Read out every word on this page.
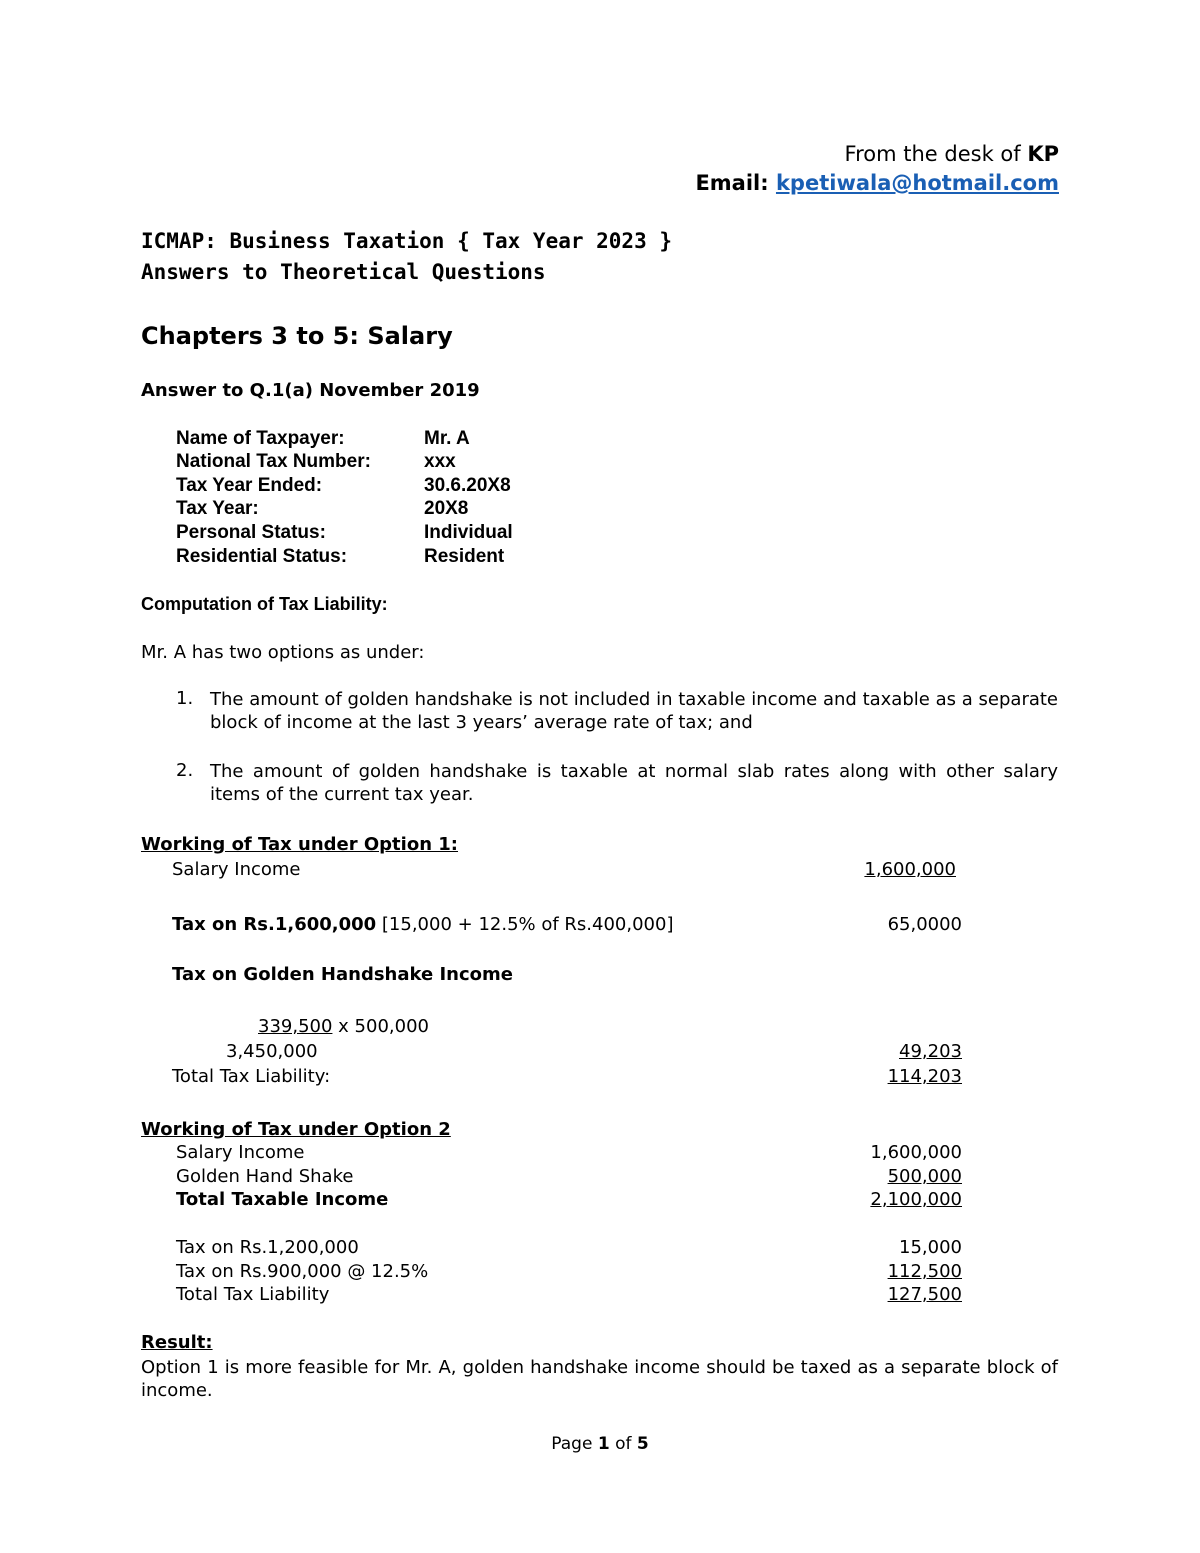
From the desk of KP
Email: kpetiwala@hotmail.com
ICMAP: Business Taxation { Tax Year 2023 }
Answers to Theoretical Questions
Chapters 3 to 5: Salary
Answer to Q.1(a) November 2019
Name of Taxpayer:	Mr. A
National Tax Number:	xxx
Tax Year Ended:	30.6.20X8
Tax Year:	20X8
Personal Status:	Individual
Residential Status:	Resident
Computation of Tax Liability:
Mr. A has two options as under:
1. The amount of golden handshake is not included in taxable income and taxable as a separate block of income at the last 3 years’ average rate of tax; and
2. The amount of golden handshake is taxable at normal slab rates along with other salary items of the current tax year.
Working of Tax under Option 1:
Salary Income	1,600,000
Tax on Rs.1,600,000 [15,000 + 12.5% of Rs.400,000]	65,0000
Tax on Golden Handshake Income
339,500 x 500,000
3,450,000	49,203
Total Tax Liability:	114,203
Working of Tax under Option 2
Salary Income	1,600,000
Golden Hand Shake	500,000
Total Taxable Income	2,100,000
Tax on Rs.1,200,000	15,000
Tax on Rs.900,000 @ 12.5%	112,500
Total Tax Liability	127,500
Result:
Option 1 is more feasible for Mr. A, golden handshake income should be taxed as a separate block of income.
Page 1 of 5
